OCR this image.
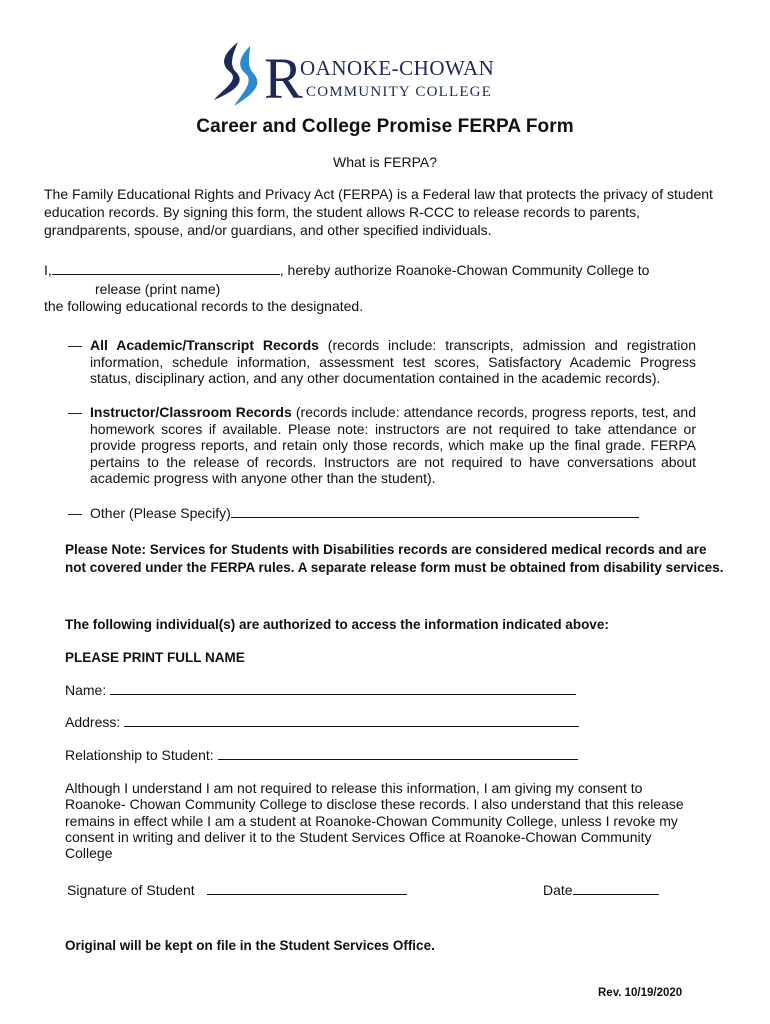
R
OANOKE-CHOWAN
COMMUNITY COLLEGE
Career and College Promise FERPA Form
What is FERPA?
The Family Educational Rights and Privacy Act (FERPA) is a Federal law that protects the privacy of student education records. By signing this form, the student allows R-CCC to release records to parents, grandparents, spouse, and/or guardians, and other specified individuals.
I,	, hereby authorize Roanoke-Chowan Community College to
release (print name)
the following educational records to the designated.
— All Academic/Transcript Records (records include: transcripts, admission and registration information, schedule information, assessment test scores, Satisfactory Academic Progress status, disciplinary action, and any other documentation contained in the academic records).
— Instructor/Classroom Records (records include: attendance records, progress reports, test, and homework scores if available. Please note: instructors are not required to take attendance or provide progress reports, and retain only those records, which make up the final grade. FERPA pertains to the release of records. Instructors are not required to have conversations about academic progress with anyone other than the student).
— Other (Please Specify)
Please Note: Services for Students with Disabilities records are considered medical records and are not covered under the FERPA rules. A separate release form must be obtained from disability services.
The following individual(s) are authorized to access the information indicated above:
PLEASE PRINT FULL NAME
Name:
Address:
Relationship to Student:
Although I understand I am not required to release this information, I am giving my consent to Roanoke- Chowan Community College to disclose these records. I also understand that this release remains in effect while I am a student at Roanoke-Chowan Community College, unless I revoke my consent in writing and deliver it to the Student Services Office at Roanoke-Chowan Community College
Signature of Student	Date
Original will be kept on file in the Student Services Office.
Rev. 10/19/2020
